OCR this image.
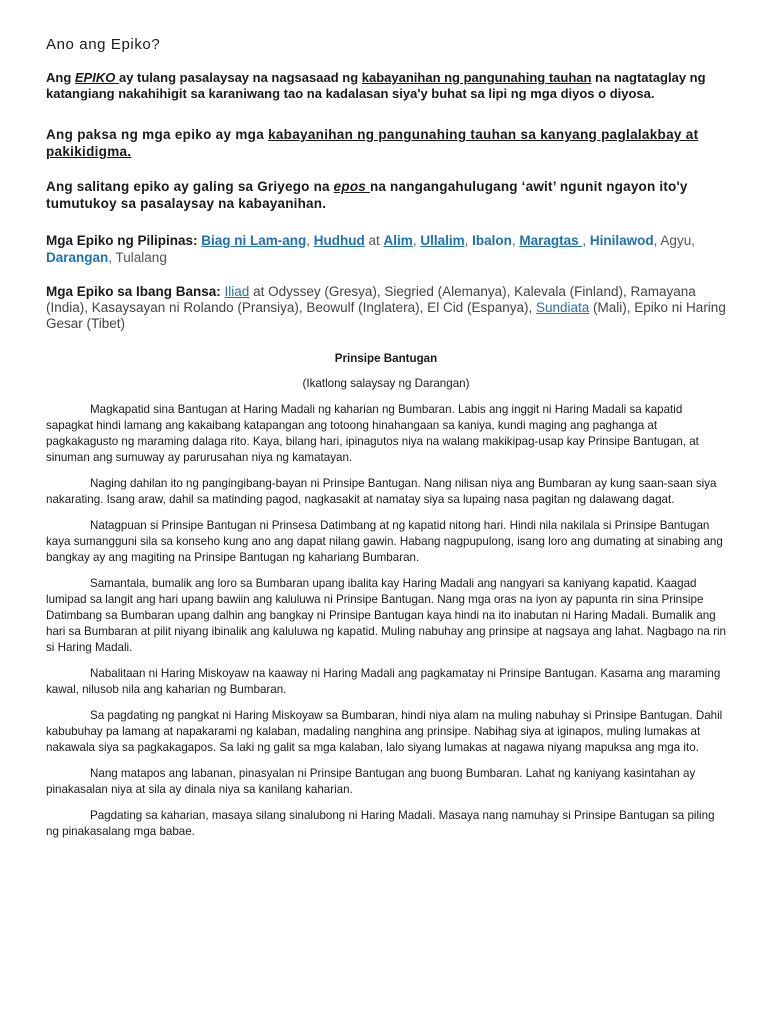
Ano ang Epiko?

Ang EPIKO ay tulang pasalaysay na nagsasaad ng kabayanihan ng pangunahing tauhan na nagtataglay ng katangiang nakahihigit sa karaniwang tao na kadalasan siya'y buhat sa lipi ng mga diyos o diyosa.

Ang paksa ng mga epiko ay mga kabayanihan ng pangunahing tauhan sa kanyang paglalakbay at pakikidigma.

Ang salitang epiko ay galing sa Griyego na epos na nangangahulugang ‘awit’ ngunit ngayon ito'y tumutukoy sa pasalaysay na kabayanihan.

Mga Epiko ng Pilipinas: Biag ni Lam-ang, Hudhud at Alim, Ullalim, Ibalon, Maragtas , Hinilawod, Agyu, Darangan, Tulalang

Mga Epiko sa Ibang Bansa: Iliad at Odyssey (Gresya), Siegried (Alemanya), Kalevala (Finland), Ramayana (India), Kasaysayan ni Rolando (Pransiya), Beowulf (Inglatera), El Cid (Espanya), Sundiata (Mali), Epiko ni Haring Gesar (Tibet)

Prinsipe Bantugan

(Ikatlong salaysay ng Darangan)

Magkapatid sina Bantugan at Haring Madali ng kaharian ng Bumbaran. Labis ang inggit ni Haring Madali sa kapatid sapagkat hindi lamang ang kakaibang katapangan ang totoong hinahangaan sa kaniya, kundi maging ang paghanga at pagkakagusto ng maraming dalaga rito. Kaya, bilang hari, ipinagutos niya na walang makikipag-usap kay Prinsipe Bantugan, at sinuman ang sumuway ay parurusahan niya ng kamatayan.

Naging dahilan ito ng pangingibang-bayan ni Prinsipe Bantugan. Nang nilisan niya ang Bumbaran ay kung saan-saan siya nakarating. Isang araw, dahil sa matinding pagod, nagkasakit at namatay siya sa lupaing nasa pagitan ng dalawang dagat.

Natagpuan si Prinsipe Bantugan ni Prinsesa Datimbang at ng kapatid nitong hari. Hindi nila nakilala si Prinsipe Bantugan kaya sumangguni sila sa konseho kung ano ang dapat nilang gawin. Habang nagpupulong, isang loro ang dumating at sinabing ang bangkay ay ang magiting na Prinsipe Bantugan ng kahariang Bumbaran.

Samantala, bumalik ang loro sa Bumbaran upang ibalita kay Haring Madali ang nangyari sa kaniyang kapatid. Kaagad lumipad sa langit ang hari upang bawiin ang kaluluwa ni Prinsipe Bantugan. Nang mga oras na iyon ay papunta rin sina Prinsipe Datimbang sa Bumbaran upang dalhin ang bangkay ni Prinsipe Bantugan kaya hindi na ito inabutan ni Haring Madali. Bumalik ang hari sa Bumbaran at pilit niyang ibinalik ang kaluluwa ng kapatid. Muling nabuhay ang prinsipe at nagsaya ang lahat. Nagbago na rin si Haring Madali.

Nabalitaan ni Haring Miskoyaw na kaaway ni Haring Madali ang pagkamatay ni Prinsipe Bantugan. Kasama ang maraming kawal, nilusob nila ang kaharian ng Bumbaran.

Sa pagdating ng pangkat ni Haring Miskoyaw sa Bumbaran, hindi niya alam na muling nabuhay si Prinsipe Bantugan. Dahil kabubuhay pa lamang at napakarami ng kalaban, madaling nanghina ang prinsipe. Nabihag siya at iginapos, muling lumakas at nakawala siya sa pagkakagapos. Sa laki ng galit sa mga kalaban, lalo siyang lumakas at nagawa niyang mapuksa ang mga ito.

Nang matapos ang labanan, pinasyalan ni Prinsipe Bantugan ang buong Bumbaran. Lahat ng kaniyang kasintahan ay pinakasalan niya at sila ay dinala niya sa kanilang kaharian.

Pagdating sa kaharian, masaya silang sinalubong ni Haring Madali. Masaya nang namuhay si Prinsipe Bantugan sa piling ng pinakasalang mga babae.
